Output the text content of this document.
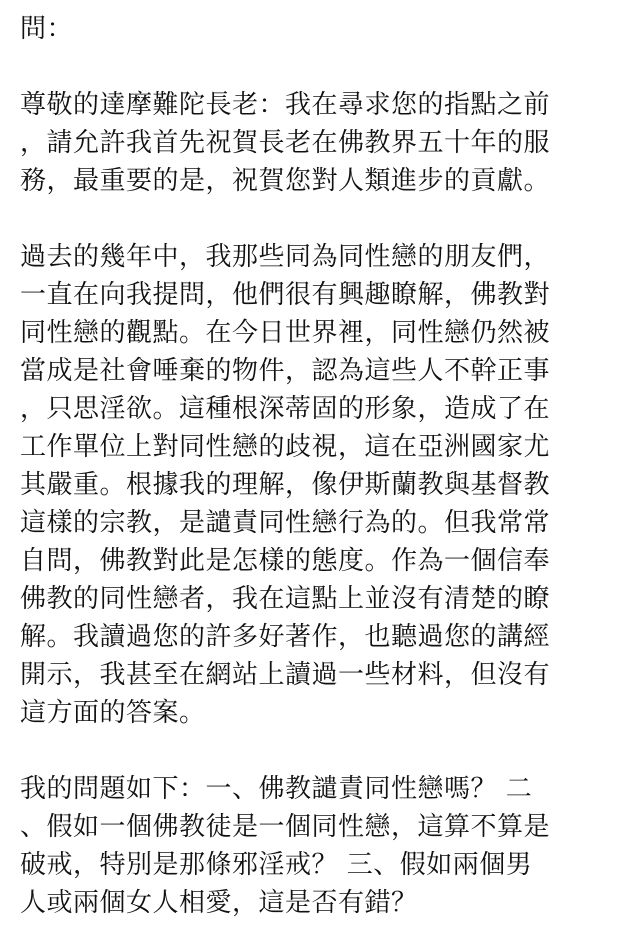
問：
尊敬的達摩難陀長老：我在尋求您的指點之前
，請允許我首先祝賀長老在佛教界五十年的服
務，最重要的是，祝賀您對人類進步的貢獻。
過去的幾年中，我那些同為同性戀的朋友們，
一直在向我提問，他們很有興趣瞭解，佛教對
同性戀的觀點。在今日世界裡，同性戀仍然被
當成是社會唾棄的物件，認為這些人不幹正事
，只思淫欲。這種根深蒂固的形象，造成了在
工作單位上對同性戀的歧視，這在亞洲國家尤
其嚴重。根據我的理解，像伊斯蘭教與基督教
這樣的宗教，是譴責同性戀行為的。但我常常
自問，佛教對此是怎樣的態度。作為一個信奉
佛教的同性戀者，我在這點上並沒有清楚的瞭
解。我讀過您的許多好著作，也聽過您的講經
開示，我甚至在網站上讀過一些材料，但沒有
這方面的答案。
我的問題如下：一、佛教譴責同性戀嗎？ 二
、假如一個佛教徒是一個同性戀，這算不算是
破戒，特別是那條邪淫戒？ 三、假如兩個男
人或兩個女人相愛，這是否有錯？
